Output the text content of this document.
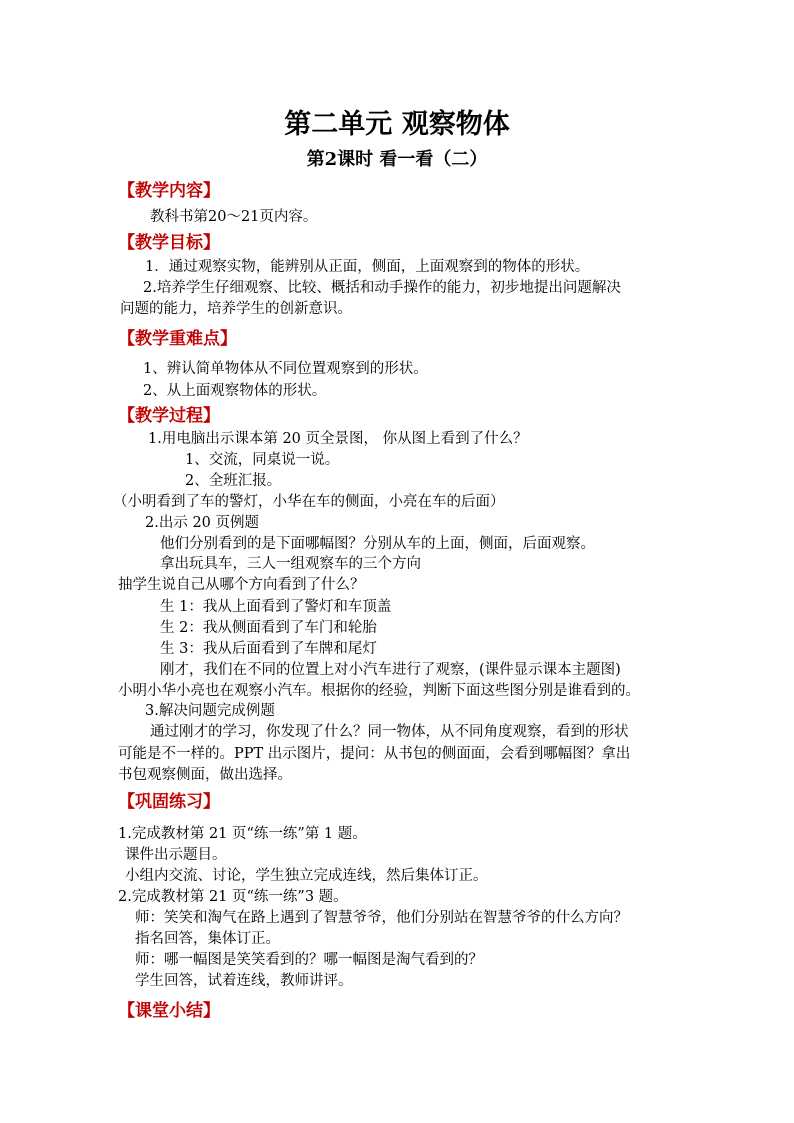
第二单元 观察物体
第2课时 看一看（二）
【教学内容】
教科书第20～21页内容。
【教学目标】
1．通过观察实物，能辨别从正面，侧面，上面观察到的物体的形状。
2.培养学生仔细观察、比较、概括和动手操作的能力，初步地提出问题解决
问题的能力，培养学生的创新意识。
【教学重难点】
1、辨认简单物体从不同位置观察到的形状。
2、从上面观察物体的形状。
【教学过程】
1.用电脑出示课本第 20 页全景图， 你从图上看到了什么？
1、交流，同桌说一说。
2、全班汇报。
（小明看到了车的警灯，小华在车的侧面，小亮在车的后面）
2.出示 20 页例题
他们分别看到的是下面哪幅图？分别从车的上面，侧面，后面观察。
拿出玩具车，三人一组观察车的三个方向
抽学生说自己从哪个方向看到了什么？
生 1：我从上面看到了警灯和车顶盖
生 2：我从侧面看到了车门和轮胎
生 3：我从后面看到了车牌和尾灯
刚才，我们在不同的位置上对小汽车进行了观察，(课件显示课本主题图)
小明小华小亮也在观察小汽车。根据你的经验，判断下面这些图分别是谁看到的。
3.解决问题完成例题
通过刚才的学习，你发现了什么？同一物体，从不同角度观察，看到的形状
可能是不一样的。PPT 出示图片，提问：从书包的侧面面，会看到哪幅图？拿出
书包观察侧面，做出选择。
【巩固练习】
1.完成教材第 21 页“练一练”第 1 题。
课件出示题目。
小组内交流、讨论，学生独立完成连线，然后集体订正。
2.完成教材第 21 页“练一练”3 题。
师：笑笑和淘气在路上遇到了智慧爷爷，他们分别站在智慧爷爷的什么方向？
指名回答，集体订正。
师：哪一幅图是笑笑看到的？哪一幅图是淘气看到的？
学生回答，试着连线，教师讲评。
【课堂小结】
